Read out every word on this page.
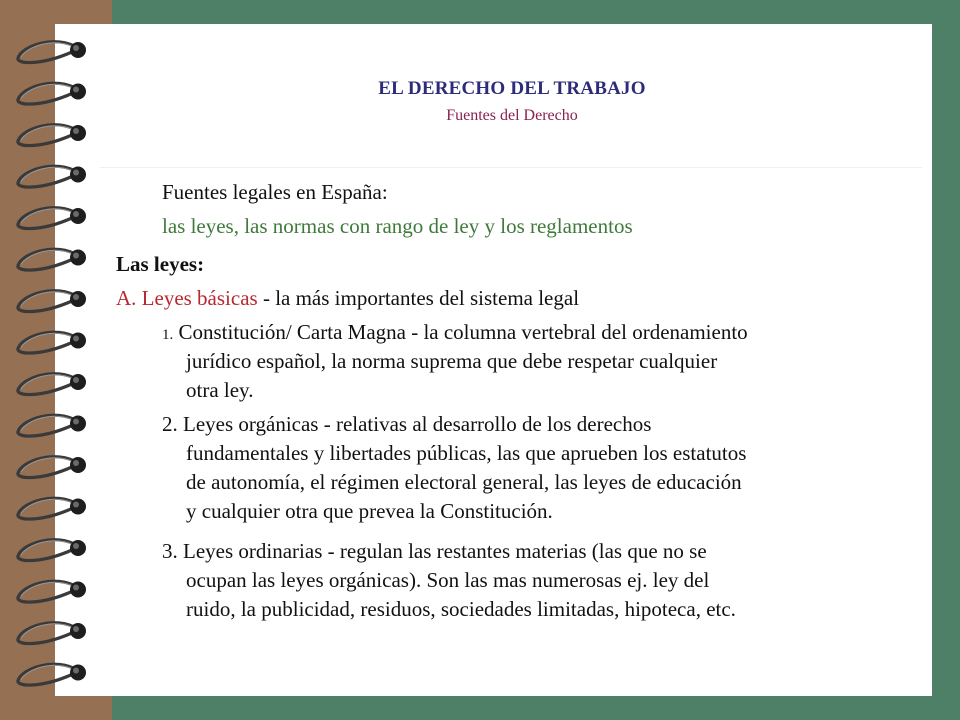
EL DERECHO DEL TRABAJO
Fuentes del Derecho
Fuentes legales en España:
las leyes, las normas con rango de ley y los reglamentos
Las leyes:
A. Leyes básicas - la más importantes del sistema legal
1. Constitución/ Carta Magna - la columna vertebral del ordenamiento
jurídico español, la norma suprema que debe respetar cualquier
otra ley.
2. Leyes orgánicas - relativas al desarrollo de los derechos
fundamentales y libertades públicas, las que aprueben los estatutos
de autonomía, el régimen electoral general, las leyes de educación
y cualquier otra que prevea la Constitución.
3. Leyes ordinarias - regulan las restantes materias (las que no se
ocupan las leyes orgánicas). Son las mas numerosas ej. ley del
ruido, la publicidad, residuos, sociedades limitadas, hipoteca, etc.
